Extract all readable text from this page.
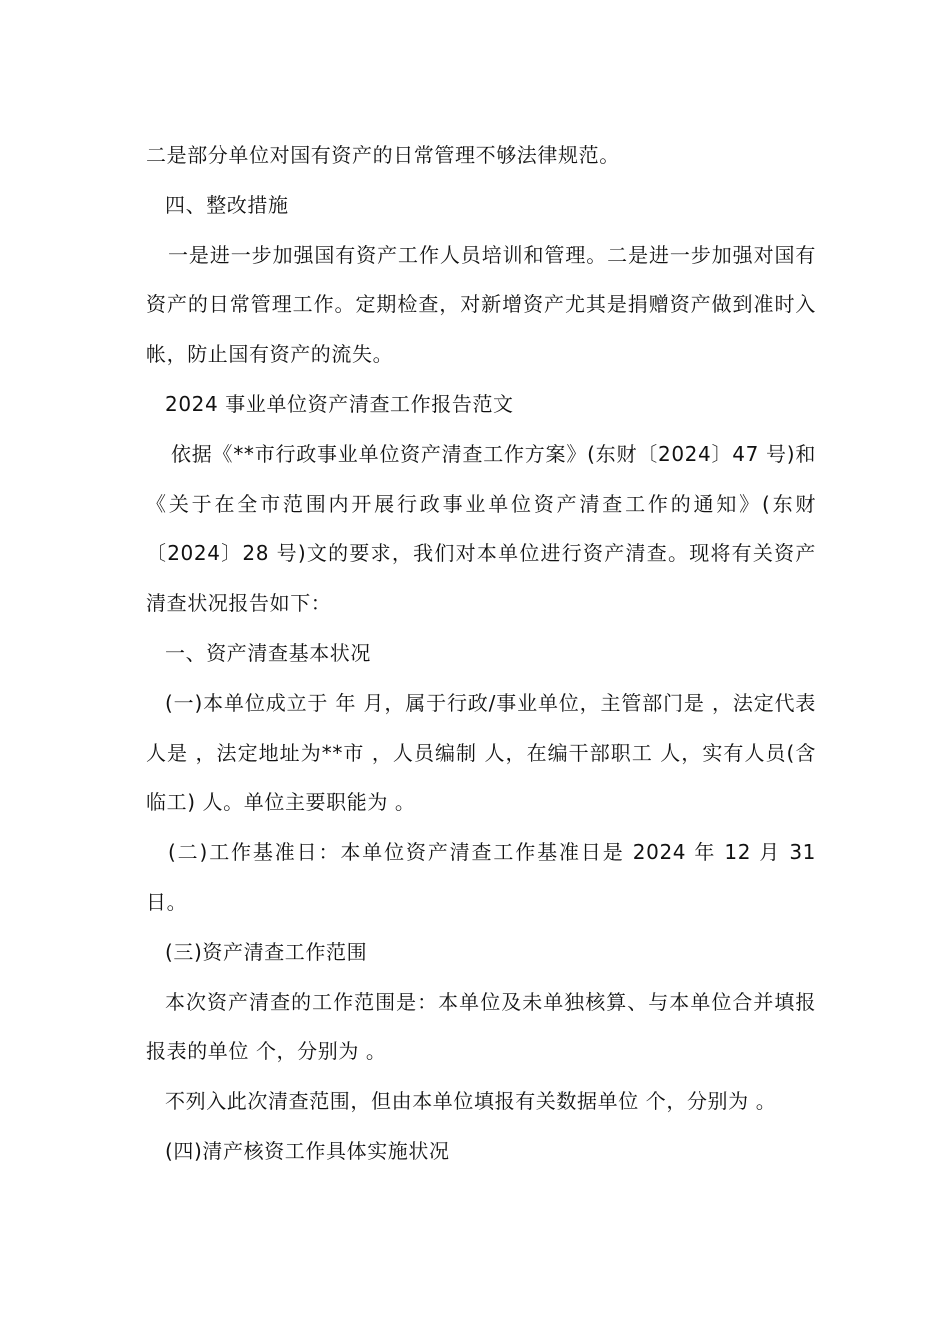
二是部分单位对国有资产的日常管理不够法律规范。

四、整改措施

一是进一步加强国有资产工作人员培训和管理。二是进一步加强对国有资产的日常管理工作。定期检查，对新增资产尤其是捐赠资产做到准时入帐，防止国有资产的流失。

2024 事业单位资产清查工作报告范文

依据《**市行政事业单位资产清查工作方案》(东财〔2024〕47 号)和《关于在全市范围内开展行政事业单位资产清查工作的通知》(东财〔2024〕28 号)文的要求，我们对本单位进行资产清查。现将有关资产清查状况报告如下：

一、资产清查基本状况

(一)本单位成立于 年 月，属于行政/事业单位，主管部门是 ，法定代表人是 ，法定地址为**市 ，人员编制 人，在编干部职工 人，实有人员(含临工) 人。单位主要职能为 。

(二)工作基准日：本单位资产清查工作基准日是 2024 年 12 月 31 日。

(三)资产清查工作范围

本次资产清查的工作范围是：本单位及未单独核算、与本单位合并填报报表的单位 个，分别为 。

不列入此次清查范围，但由本单位填报有关数据单位 个，分别为 。

(四)清产核资工作具体实施状况
